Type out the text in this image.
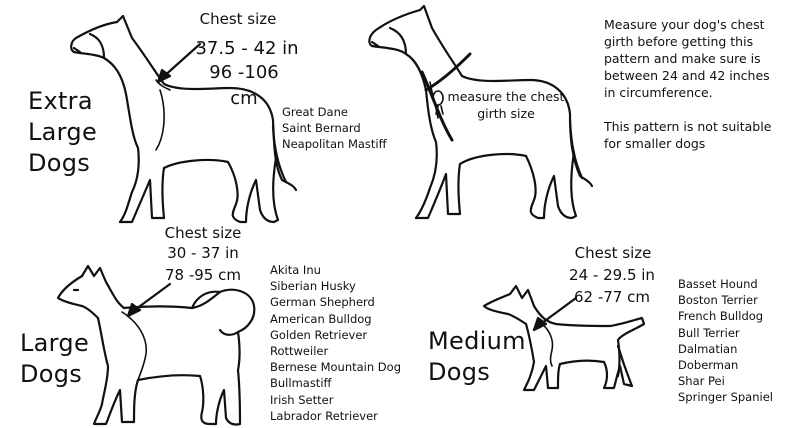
Chest size
37.5 - 42 in
96 -106 cm
Extra
Large
Dogs
Great Dane
Saint Bernard
Neapolitan Mastiff
measure the chest
girth size

Measure your dog's chest

girth before getting this

pattern and make sure is

between 24 and 42 inches

in circumference.

This pattern is not suitable

for smaller dogs

Chest size
30 - 37 in
78 -95 cm
Large
Dogs
Akita Inu
Siberian Husky
German Shepherd
American Bulldog
Golden Retriever
Rottweiler
Bernese Mountain Dog
Bullmastiff
Irish Setter
Labrador Retriever
Chest size
24 - 29.5 in
62 -77 cm
Medium
Dogs
Basset Hound
Boston Terrier
French Bulldog
Bull Terrier
Dalmatian
Doberman
Shar Pei
Springer Spaniel
